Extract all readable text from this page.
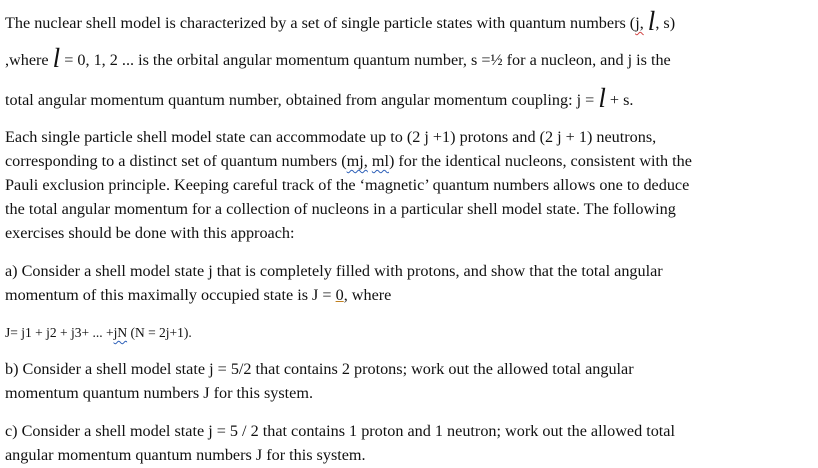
The nuclear shell model is characterized by a set of single particle states with quantum numbers (j, l, s)
,where l = 0, 1, 2 ... is the orbital angular momentum quantum number, s =½ for a nucleon, and j is the
total angular momentum quantum number, obtained from angular momentum coupling: j = l + s.
Each single particle shell model state can accommodate up to (2 j +1) protons and (2 j + 1) neutrons,
corresponding to a distinct set of quantum numbers (mj, ml) for the identical nucleons, consistent with the
Pauli exclusion principle. Keeping careful track of the ‘magnetic’ quantum numbers allows one to deduce
the total angular momentum for a collection of nucleons in a particular shell model state. The following
exercises should be done with this approach:
a) Consider a shell model state j that is completely filled with protons, and show that the total angular
momentum of this maximally occupied state is J = 0, where
J= j1 + j2 + j3+ ... +jN (N = 2j+1).
b) Consider a shell model state j = 5/2 that contains 2 protons; work out the allowed total angular
momentum quantum numbers J for this system.
c) Consider a shell model state j = 5 / 2 that contains 1 proton and 1 neutron; work out the allowed total
angular momentum quantum numbers J for this system.
